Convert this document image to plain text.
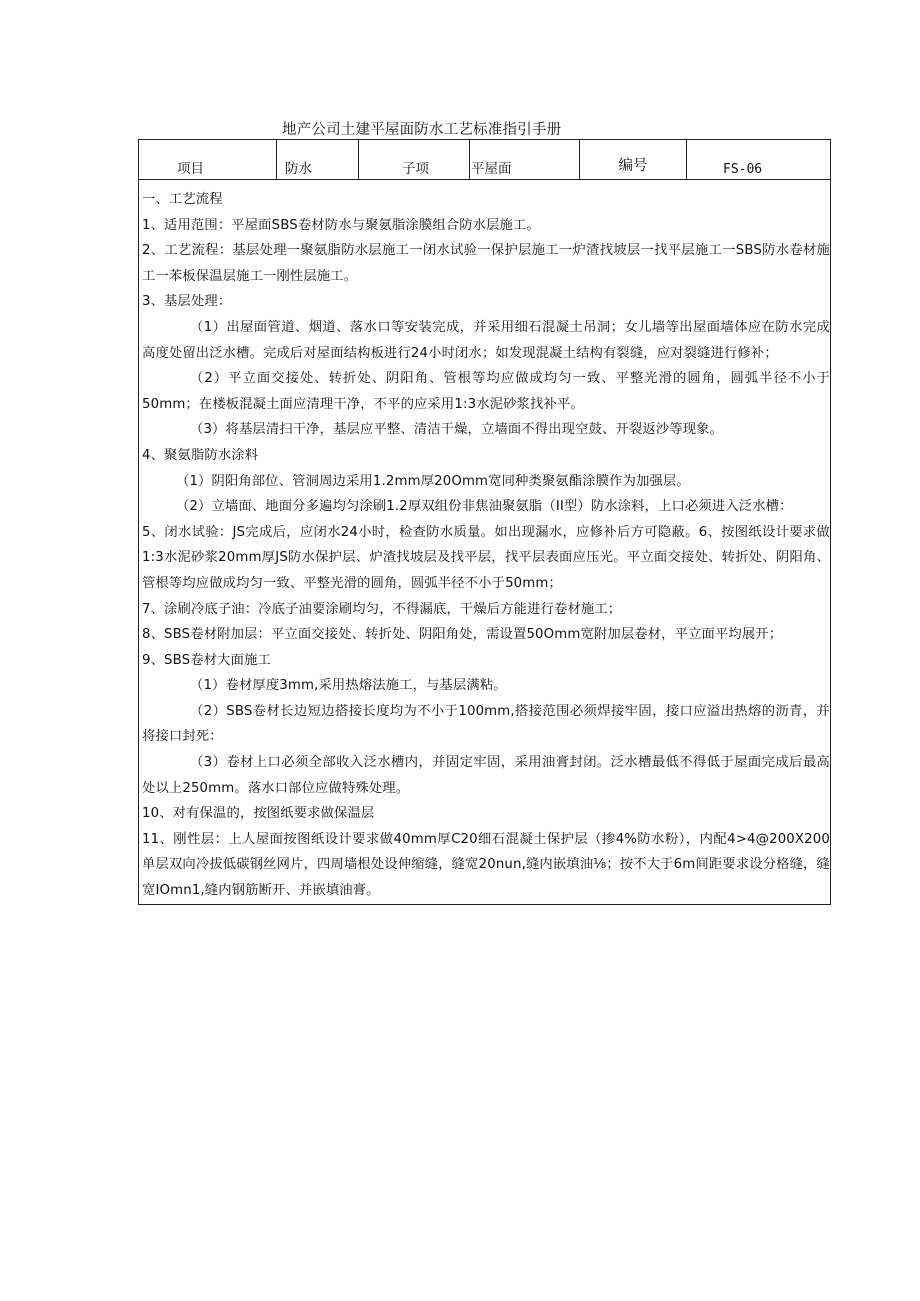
地产公司土建平屋面防水工艺标准指引手册
项目	防水	子项	平屋面	编号	FS-06

一、工艺流程

1、适用范围：平屋面SBS卷材防水与聚氨脂涂膜组合防水层施工。

2、工艺流程：基层处理一聚氨脂防水层施工一闭水试验一保护层施工一炉渣找坡层一找平层施工一SBS防水卷材施工一苯板保温层施工一刚性层施工。

3、基层处理：

（1）出屋面管道、烟道、落水口等安装完成，并采用细石混凝土吊洞；女儿墙等出屋面墙体应在防水完成高度处留出泛水槽。完成后对屋面结构板进行24小时闭水；如发现混凝土结构有裂缝，应对裂缝进行修补；

（2）平立面交接处、转折处、阴阳角、管根等均应做成均匀一致、平整光滑的圆角，圆弧半径不小于50mm；在楼板混凝土面应清理干净，不平的应采用1:3水泥砂浆找补平。

（3）将基层清扫干净，基层应平整、清洁干燥，立墙面不得出现空鼓、开裂返沙等现象。

4、聚氨脂防水涂料

（1）阴阳角部位、管洞周边采用1.2mm厚20Omm宽同种类聚氨酯涂膜作为加强层。

（2）立墙面、地面分多遍均匀涂刷1.2厚双组份非焦油聚氨脂（II型）防水涂料，上口必须进入泛水槽：

5、闭水试验：JS完成后，应闭水24小时，检查防水质量。如出现漏水，应修补后方可隐蔽。6、按图纸设计要求做1:3水泥砂浆20mm厚JS防水保护层、炉渣找坡层及找平层，找平层表面应压光。平立面交接处、转折处、阴阳角、管根等均应做成均匀一致、平整光滑的圆角，圆弧半径不小于50mm；

7、涂刷冷底子油：冷底子油要涂刷均匀，不得漏底，干燥后方能进行卷材施工；

8、SBS卷材附加层：平立面交接处、转折处、阴阳角处，需设置50Omm宽附加层卷材，平立面平均展开；

9、SBS卷材大面施工

（1）卷材厚度3mm,采用热熔法施工，与基层满粘。

（2）SBS卷材长边短边搭接长度均为不小于100mm,搭接范围必须焊接牢固，接口应溢出热熔的沥青，并将接口封死：

（3）卷材上口必须全部收入泛水槽内，并固定牢固，采用油膏封闭。泛水槽最低不得低于屋面完成后最高处以上250mm。落水口部位应做特殊处理。

10、对有保温的，按图纸要求做保温层

11、刚性层：上人屋面按图纸设计要求做40mm厚C20细石混凝土保护层（掺4%防水粉），内配4>4@200X200单层双向冷拔低碳钢丝网片，四周墙根处设伸缩缝，缝宽20nun,缝内嵌填油⅛；按不大于6m间距要求设分格缝，缝宽IOmn1,缝内钢筋断开、并嵌填油膏。
